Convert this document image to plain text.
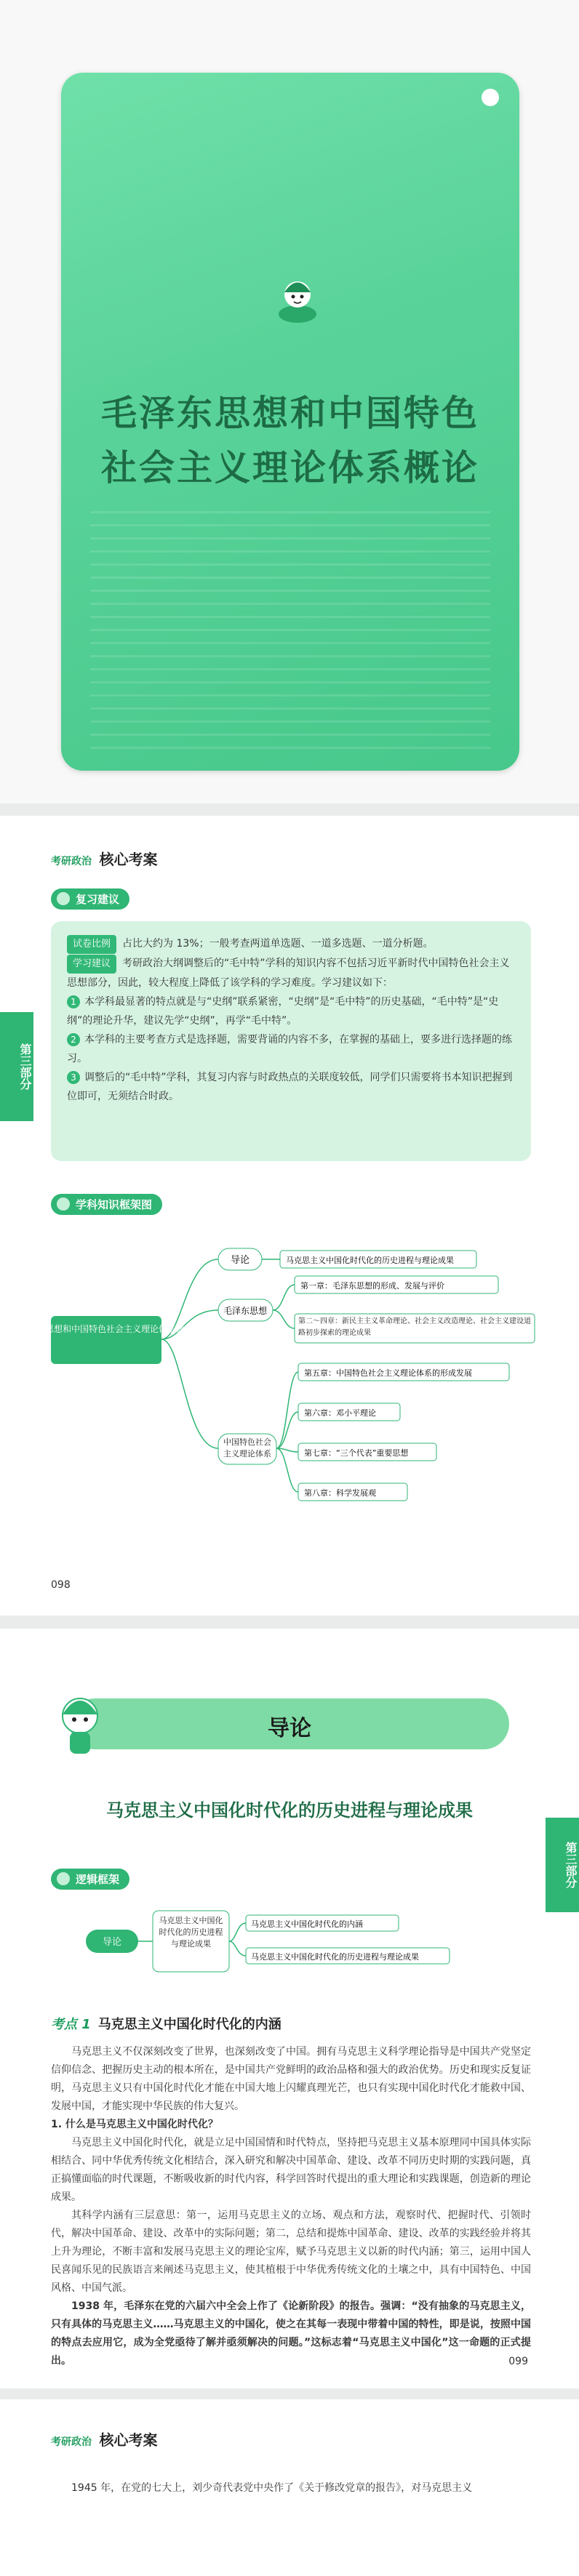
毛泽东思想和中国特色
社会主义理论体系概论
考研政治 核心考案
复习建议

试卷比例 占比大约为 13%；一般考查两道单选题、一道多选题、一道分析题。

学习建议 考研政治大纲调整后的“毛中特”学科的知识内容不包括习近平新时代中国特色社会主义思想部分，因此，较大程度上降低了该学科的学习难度。学习建议如下：

1 本学科最显著的特点就是与“史纲”联系紧密，“史纲”是“毛中特”的历史基础，“毛中特”是“史纲”的理论升华，建议先学“史纲”，再学“毛中特”。

2 本学科的主要考查方式是选择题，需要背诵的内容不多，在掌握的基础上，要多进行选择题的练习。

3 调整后的“毛中特”学科，其复习内容与时政热点的关联度较低，同学们只需要将书本知识把握到位即可，无须结合时政。

第三部分
学科知识框架图
毛泽东思想和中国特色社会主义理论体系概论
导论	马克思主义中国化时代化的历史进程与理论成果
毛泽东思想
第一章：毛泽东思想的形成、发展与评价
第二～四章：新民主主义革命理论、社会主义改造理论、社会主义建设道路初步探索的理论成果
中国特色社会主义理论体系
第五章：中国特色社会主义理论体系的形成发展
第六章：邓小平理论
第七章：“三个代表”重要思想
第八章：科学发展观
098
导论
马克思主义中国化时代化的历史进程与理论成果
第三部分
逻辑框架
导论
马克思主义中国化时代化的历史进程与理论成果
马克思主义中国化时代化的内涵
马克思主义中国化时代化的历史进程与理论成果
考点 1 马克思主义中国化时代化的内涵

马克思主义不仅深刻改变了世界，也深刻改变了中国。拥有马克思主义科学理论指导是中国共产党坚定信仰信念、把握历史主动的根本所在，是中国共产党鲜明的政治品格和强大的政治优势。历史和现实反复证明，马克思主义只有中国化时代化才能在中国大地上闪耀真理光芒，也只有实现中国化时代化才能救中国、发展中国，才能实现中华民族的伟大复兴。

1. 什么是马克思主义中国化时代化？

马克思主义中国化时代化，就是立足中国国情和时代特点，坚持把马克思主义基本原理同中国具体实际相结合、同中华优秀传统文化相结合，深入研究和解决中国革命、建设、改革不同历史时期的实践问题，真正搞懂面临的时代课题，不断吸收新的时代内容，科学回答时代提出的重大理论和实践课题，创造新的理论成果。

其科学内涵有三层意思：第一，运用马克思主义的立场、观点和方法，观察时代、把握时代、引领时代，解决中国革命、建设、改革中的实际问题；第二，总结和提炼中国革命、建设、改革的实践经验并将其上升为理论，不断丰富和发展马克思主义的理论宝库，赋予马克思主义以新的时代内涵；第三，运用中国人民喜闻乐见的民族语言来阐述马克思主义，使其植根于中华优秀传统文化的土壤之中，具有中国特色、中国风格、中国气派。

1938 年，毛泽东在党的六届六中全会上作了《论新阶段》的报告。强调：“没有抽象的马克思主义，只有具体的马克思主义……马克思主义的中国化，使之在其每一表现中带着中国的特性，即是说，按照中国的特点去应用它，成为全党亟待了解并亟须解决的问题。”这标志着“马克思主义中国化”这一命题的正式提出。	099
考研政治 核心考案

1945 年，在党的七大上，刘少奇代表党中央作了《关于修改党章的报告》，对马克思主义
